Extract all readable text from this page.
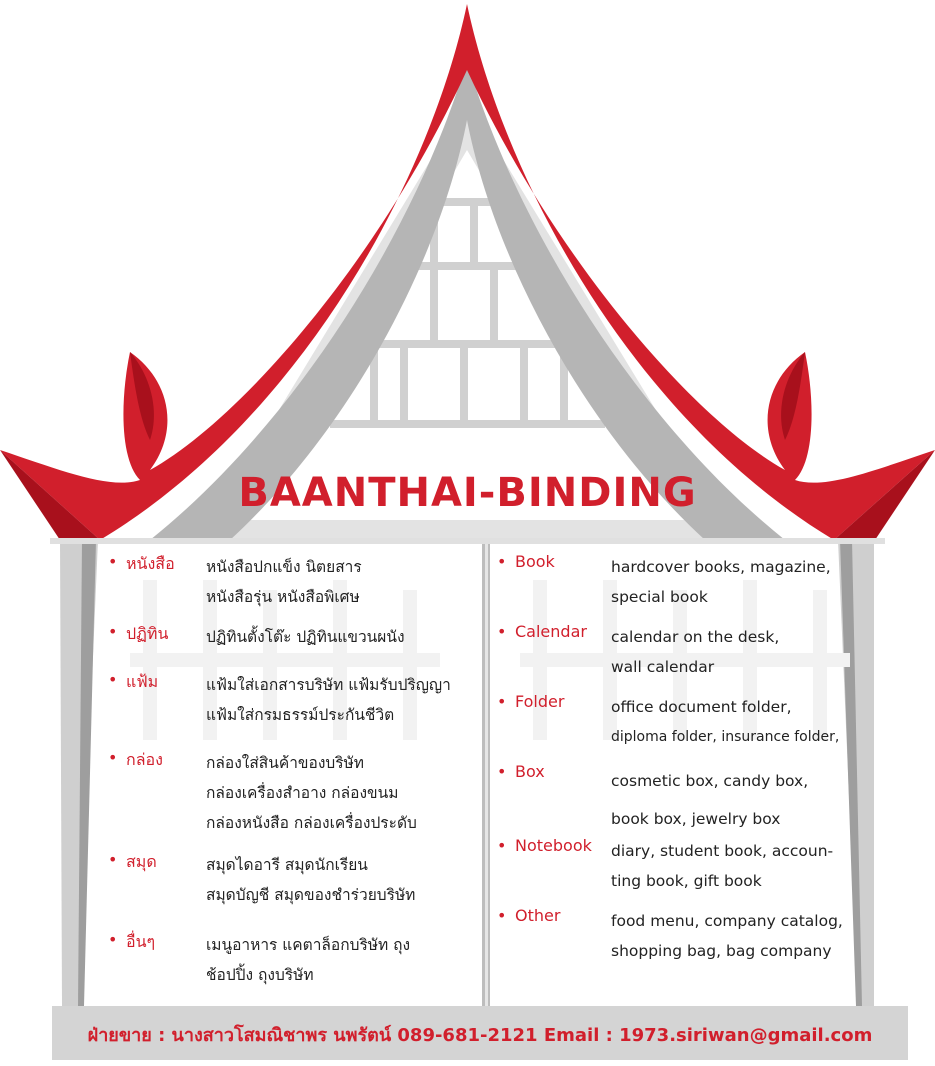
BAANTHAI-BINDING
• หนังสือ หนังสือปกแข็ง นิตยสาร
หนังสือรุ่น หนังสือพิเศษ
• ปฏิทิน ปฏิทินตั้งโต๊ะ ปฏิทินแขวนผนัง
• แฟ้ม	แฟ้มใส่เอกสารบริษัท แฟ้มรับปริญญา
แฟ้มใส่กรมธรรม์ประกันชีวิต
• กล่อง	กล่องใส่สินค้าของบริษัท
กล่องเครื่องสำอาง กล่องขนม
กล่องหนังสือ กล่องเครื่องประดับ
• สมุด	สมุดไดอารี สมุดนักเรียน
สมุดบัญชี สมุดของชำร่วยบริษัท
• อื่นๆ	เมนูอาหาร แคตาล็อกบริษัท ถุง
ช้อปปิ้ง ถุงบริษัท
• Book	hardcover books, magazine,
special book
• Calendar calendar on the desk,
wall calendar
• Folder	office document folder,
diploma folder, insurance folder,
• Box	cosmetic box, candy box,
book box, jewelry box
• Notebook diary, student book, accoun-
ting book, gift book
• Other	food menu, company catalog,
shopping bag, bag company
ฝ่ายขาย : นางสาวโสมณิชาพร นพรัตน์ 089-681-2121 Email : 1973.siriwan@gmail.com
